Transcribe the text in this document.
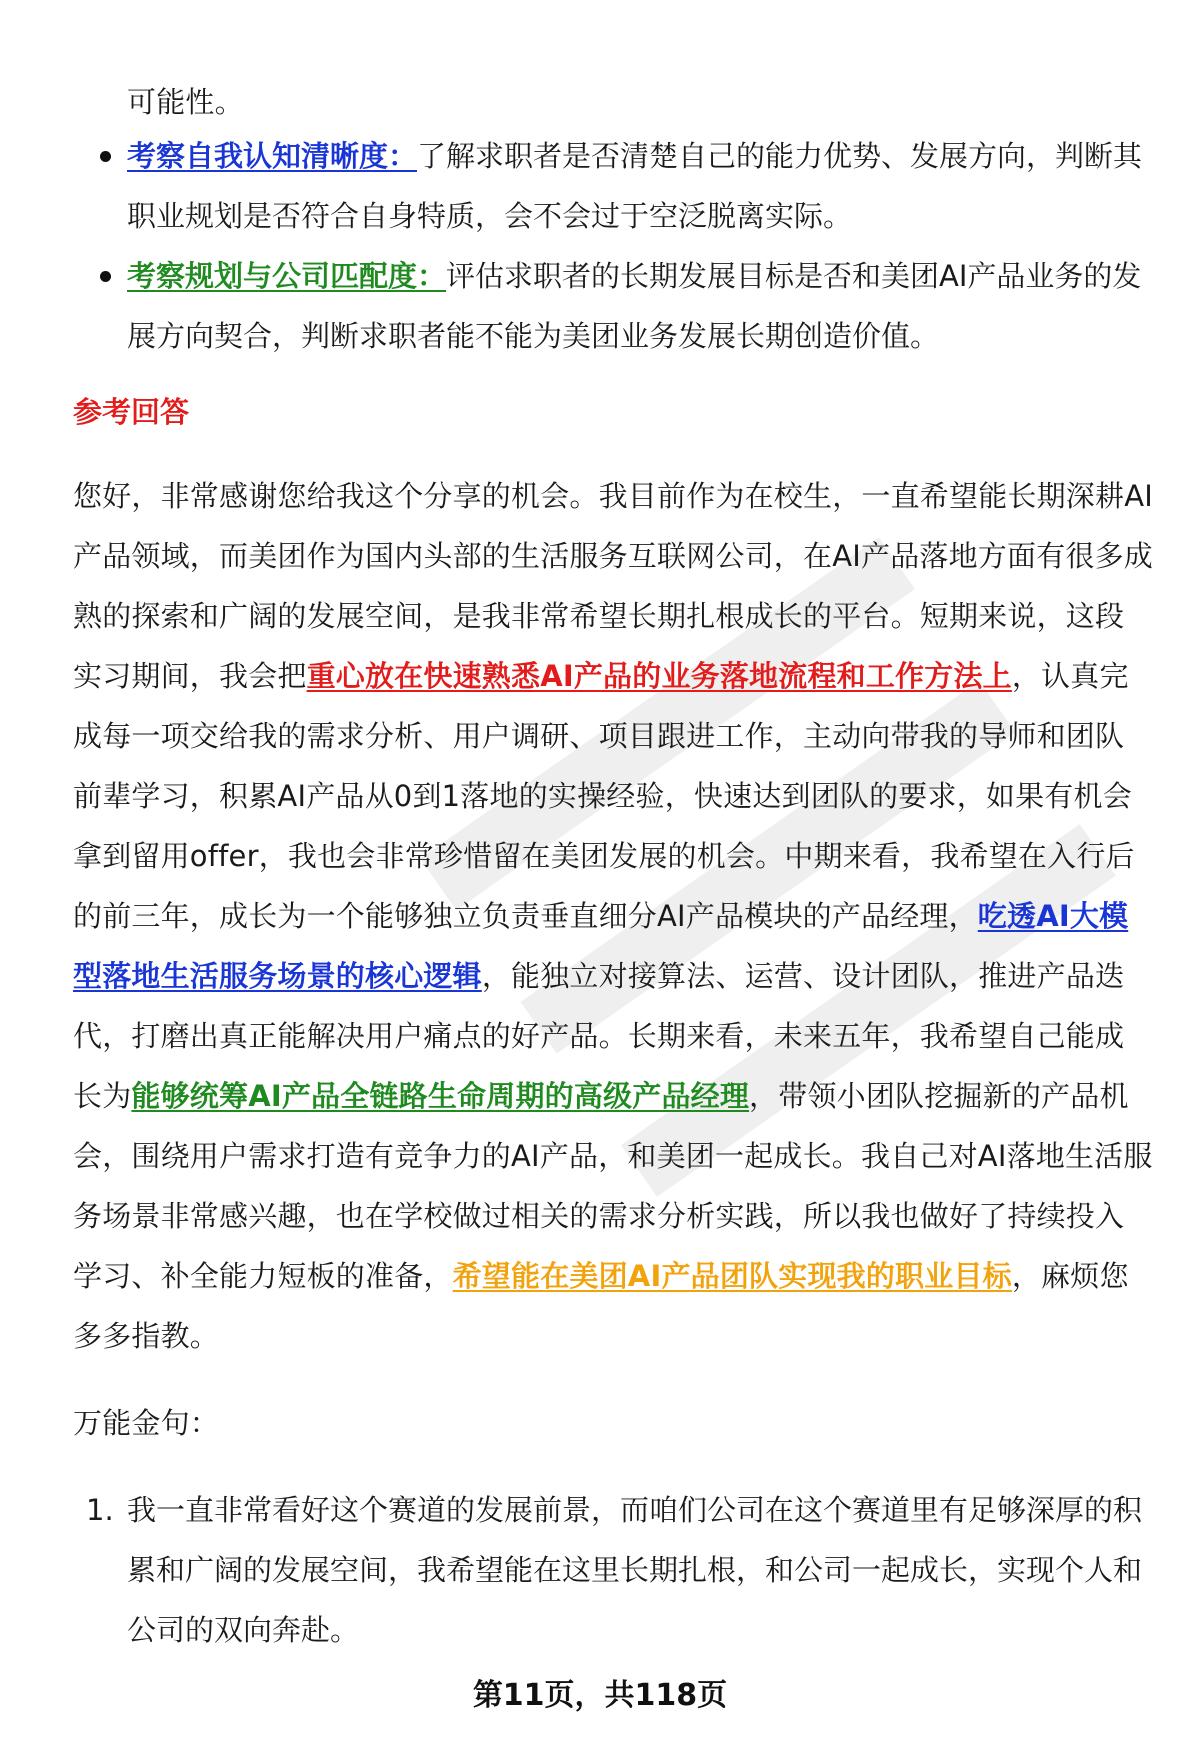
可能性。

考察自我认知清晰度：了解求职者是否清楚自己的能力优势、发展方向，判断其职业规划是否符合自身特质，会不会过于空泛脱离实际。
考察规划与公司匹配度：评估求职者的长期发展目标是否和美团AI产品业务的发展方向契合，判断求职者能不能为美团业务发展长期创造价值。
参考回答

您好，非常感谢您给我这个分享的机会。我目前作为在校生，一直希望能长期深耕AI产品领域，而美团作为国内头部的生活服务互联网公司，在AI产品落地方面有很多成熟的探索和广阔的发展空间，是我非常希望长期扎根成长的平台。短期来说，这段实习期间，我会把重心放在快速熟悉AI产品的业务落地流程和工作方法上，认真完成每一项交给我的需求分析、用户调研、项目跟进工作，主动向带我的导师和团队前辈学习，积累AI产品从0到1落地的实操经验，快速达到团队的要求，如果有机会拿到留用offer，我也会非常珍惜留在美团发展的机会。中期来看，我希望在入行后的前三年，成长为一个能够独立负责垂直细分AI产品模块的产品经理，吃透AI大模型落地生活服务场景的核心逻辑，能独立对接算法、运营、设计团队，推进产品迭代，打磨出真正能解决用户痛点的好产品。长期来看，未来五年，我希望自己能成长为能够统筹AI产品全链路生命周期的高级产品经理，带领小团队挖掘新的产品机会，围绕用户需求打造有竞争力的AI产品，和美团一起成长。我自己对AI落地生活服务场景非常感兴趣，也在学校做过相关的需求分析实践，所以我也做好了持续投入学习、补全能力短板的准备，希望能在美团AI产品团队实现我的职业目标，麻烦您多多指教。

万能金句：

1. 我一直非常看好这个赛道的发展前景，而咱们公司在这个赛道里有足够深厚的积累和广阔的发展空间，我希望能在这里长期扎根，和公司一起成长，实现个人和公司的双向奔赴。
第11页，共118页
